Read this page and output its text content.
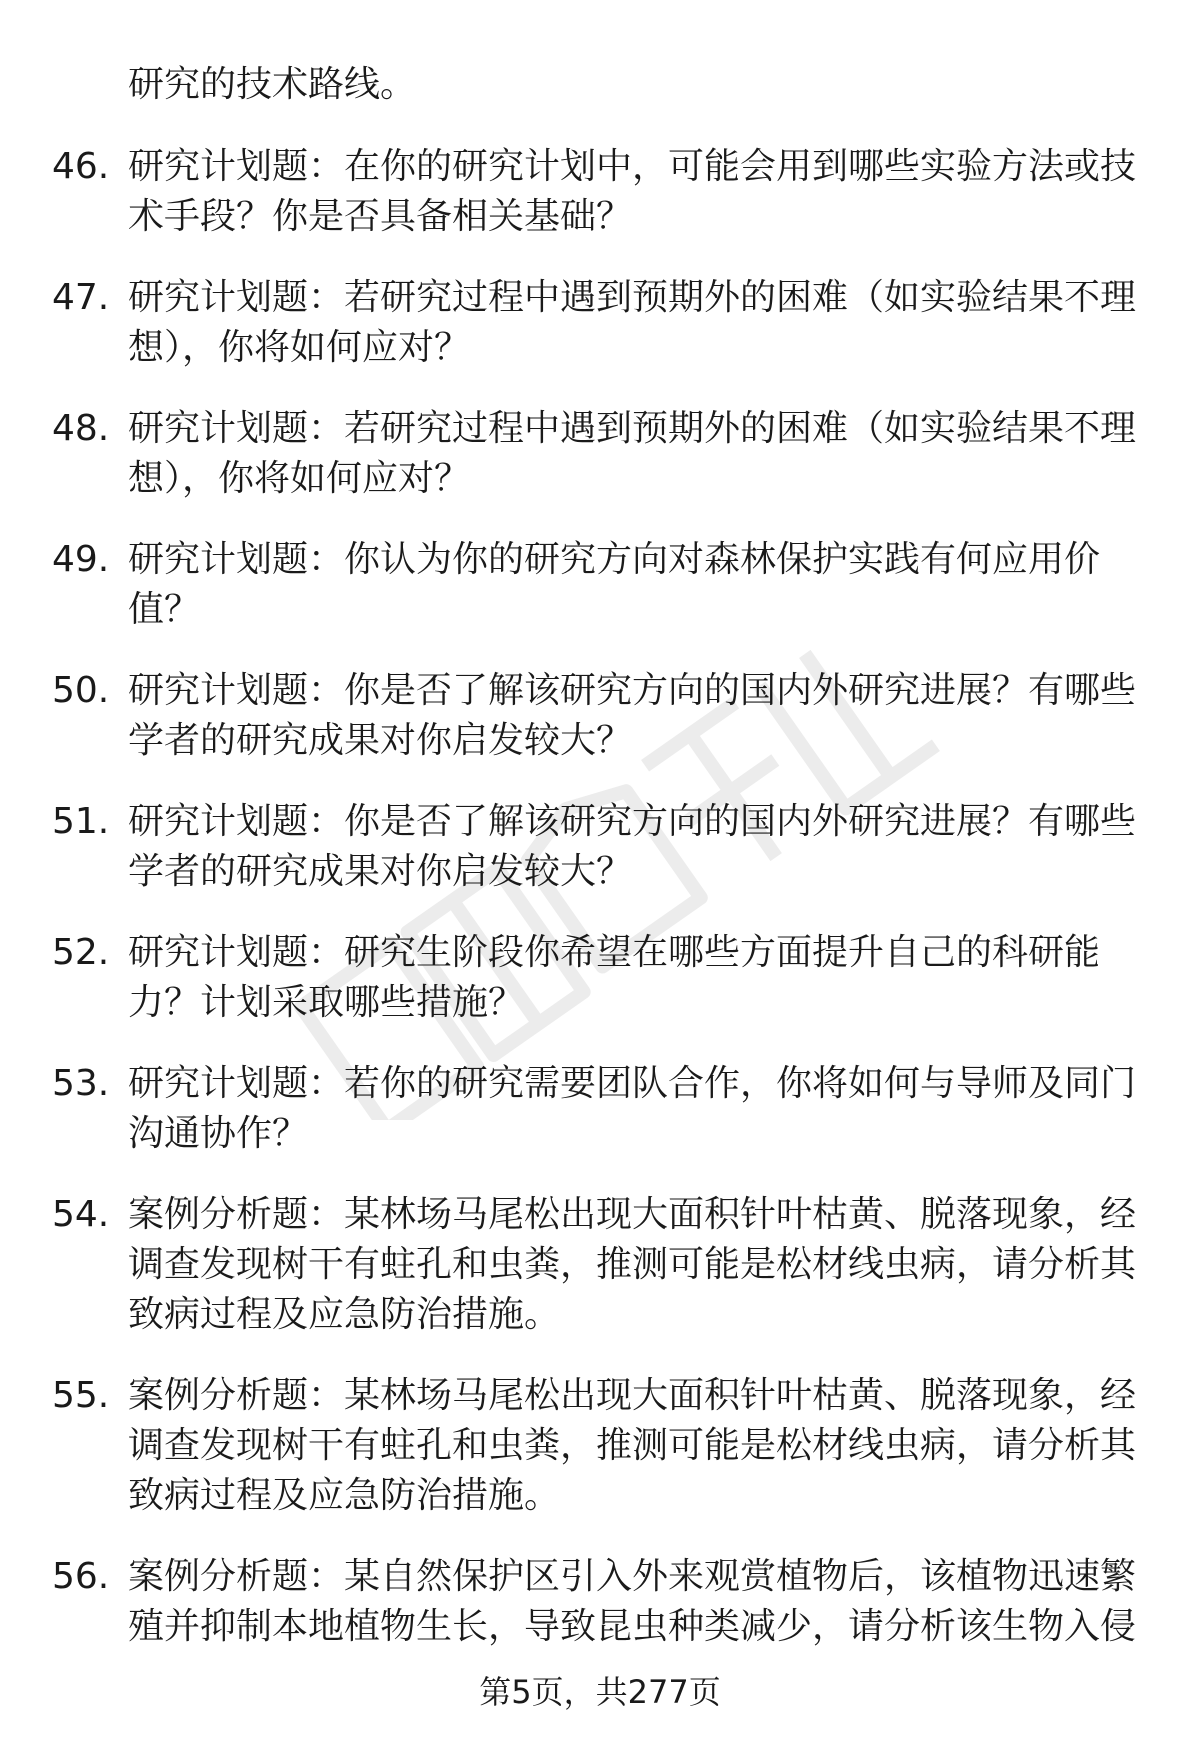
研究的技术路线。
46. 研究计划题：在你的研究计划中，可能会用到哪些实验方法或技术手段？你是否具备相关基础？
47. 研究计划题：若研究过程中遇到预期外的困难（如实验结果不理想），你将如何应对？
48. 研究计划题：若研究过程中遇到预期外的困难（如实验结果不理想），你将如何应对？
49. 研究计划题：你认为你的研究方向对森林保护实践有何应用价值？
50. 研究计划题：你是否了解该研究方向的国内外研究进展？有哪些学者的研究成果对你启发较大？
51. 研究计划题：你是否了解该研究方向的国内外研究进展？有哪些学者的研究成果对你启发较大？
52. 研究计划题：研究生阶段你希望在哪些方面提升自己的科研能力？计划采取哪些措施？
53. 研究计划题：若你的研究需要团队合作，你将如何与导师及同门沟通协作？
54. 案例分析题：某林场马尾松出现大面积针叶枯黄、脱落现象，经调查发现树干有蛀孔和虫粪，推测可能是松材线虫病，请分析其致病过程及应急防治措施。
55. 案例分析题：某林场马尾松出现大面积针叶枯黄、脱落现象，经调查发现树干有蛀孔和虫粪，推测可能是松材线虫病，请分析其致病过程及应急防治措施。
56. 案例分析题：某自然保护区引入外来观赏植物后，该植物迅速繁殖并抑制本地植物生长，导致昆虫种类减少，请分析该生物入侵
第5页，共277页
